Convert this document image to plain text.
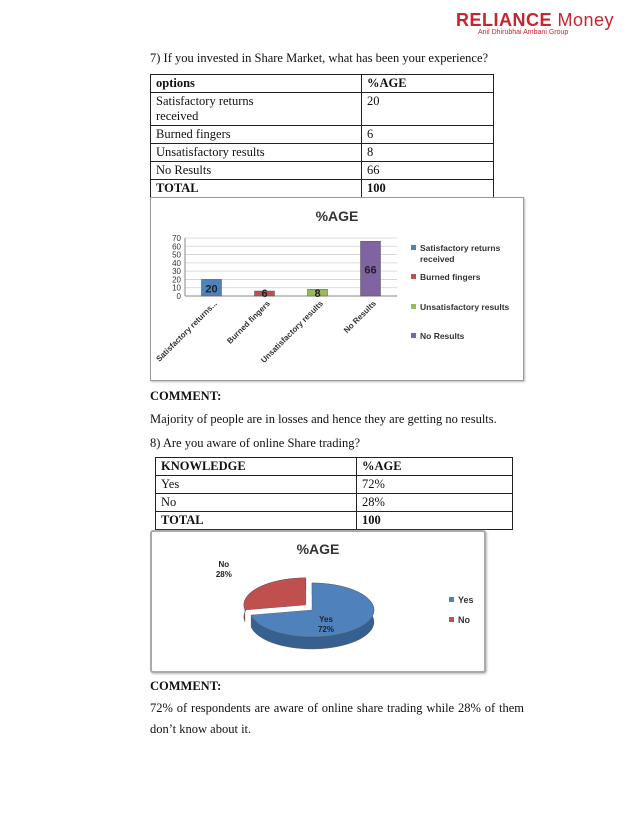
RELIANCE Money
Anil Dhirubhai Ambani Group
7) If you invested in Share Market, what has been your experience?
options	%AGE
Satisfactory returns received	20
Burned fingers	6
Unsatisfactory results	8
No Results	66
TOTAL	100
%AGE
0
10
20
30
40
50
60
70
20
Satisfactory returns...
6
Burned fingers
8
Unsatisfactory results
66
No Results
Satisfactory returns
received
Burned fingers
Unsatisfactory results
No Results
COMMENT:
Majority of people are in losses and hence they are getting no results.
8) Are you aware of online Share trading?
KNOWLEDGE	%AGE
Yes	72%
No	28%
TOTAL	100
%AGE
Yes
72%
No
28%
Yes
No
COMMENT:
72% of respondents are aware of online share trading while 28% of them don’t know about it.
